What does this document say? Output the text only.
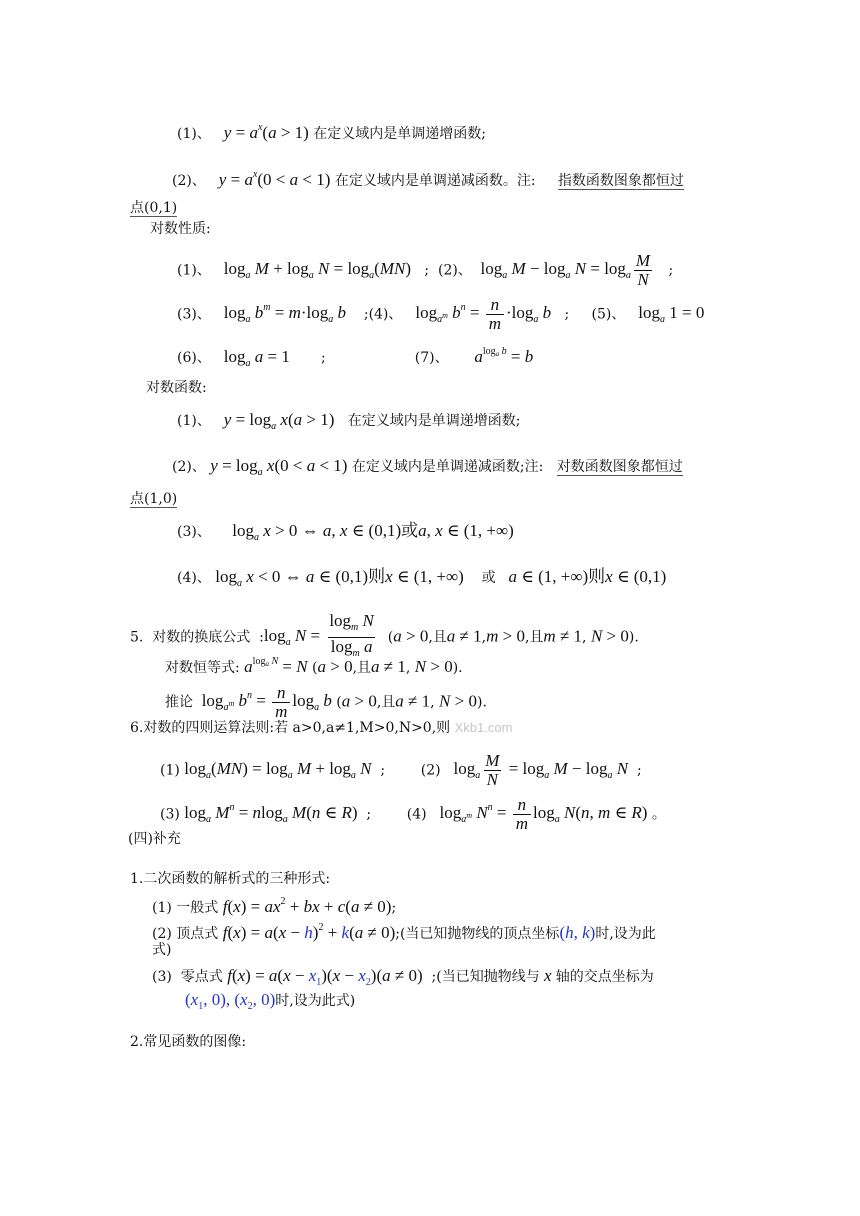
(1)、 $y = a^x(a > 1)$ 在定义域内是单调递增函数;
(2)、 $y = a^x(0 < a < 1)$ 在定义域内是单调递减函数。注: 指数函数图象都恒过
点(0,1)
对数性质:
(1)、   $\log_a M + \log_a N = \log_a(MN)$ ; (2)、  $\log_a M - \log_a N = \log_a \frac{M}{N}$ ;
(3)、   $\log_a b^m = m\cdot\log_a$ b ;(4)、   $\log_{a^m} b^n = \frac{n}{m} \cdot\log_a$ b ; (5)、   $\log_a 1 = 0$
(6)、   $\log_a a = 1$ ;	(7)、 $a^{log_a b} = b$
对数函数:
(1)、 $y = \log_a x(a > 1)$ 在定义域内是单调递增函数;
(2)、 $y = \log_a x(0 < a < 1)$ 在定义域内是单调递减函数;注: 对数函数图象都恒过
点(1,0)
(3)、     $\log_a x > 0$ ⇔ a, x ∈ (0,1)或a, x ∈ (1, +∞)
(4)、 $\log_a x < 0$ ⇔ a ∈ (0,1)则x ∈ (1, +∞) 或 a ∈ (1, +∞)则x ∈ (0,1)
5. 对数的换底公式  $:\log_a$ $N = \frac{\log_m N}{\log_m a} (a > 0$,且a ≠ 1,m > 0,且m ≠ 1, N > 0).
对数恒等式: $a^{log_a N} = N$ (a > 0,且a ≠ 1, N > 0).
推论  $\log_{a^m} b^n = \frac{n}{m} \log_a b$ (a > 0,且a ≠ 1, N > 0).
6.对数的四则运算法则:若 a>0,a≠1,M>0,N>0,则 Xkb1.com
(1) $\log_a(MN) = \log_a M + \log_a N$  ;        (2)   $\log_a \frac{M}{N} = \log_a M - \log_a N$  ;
(3) $\log_a M^n = nlog_a$ M(n ∈ R)  ;        (4)   $\log_{a^m} N^n = \frac{n}{m} \log_a N(n$, m ∈ R) 。
(四)补充
1.二次函数的解析式的三种形式:
(1) 一般式 $f(x) = ax^2$ + bx + c(a ≠ 0);
(2) 顶点式 $f(x) = a(x - h)^2 + k(a$ ≠ 0);(当已知抛物线的顶点坐标(h, k)时,设为此
式)
(3) 零点式 $f(x) = a(x - x_1)(x - x_2)(a \ne 0)$ ;(当已知抛物线与 x 轴的交点坐标为
($x_1$, 0), ($x_2$, 0)时,设为此式)
2.常见函数的图像:
